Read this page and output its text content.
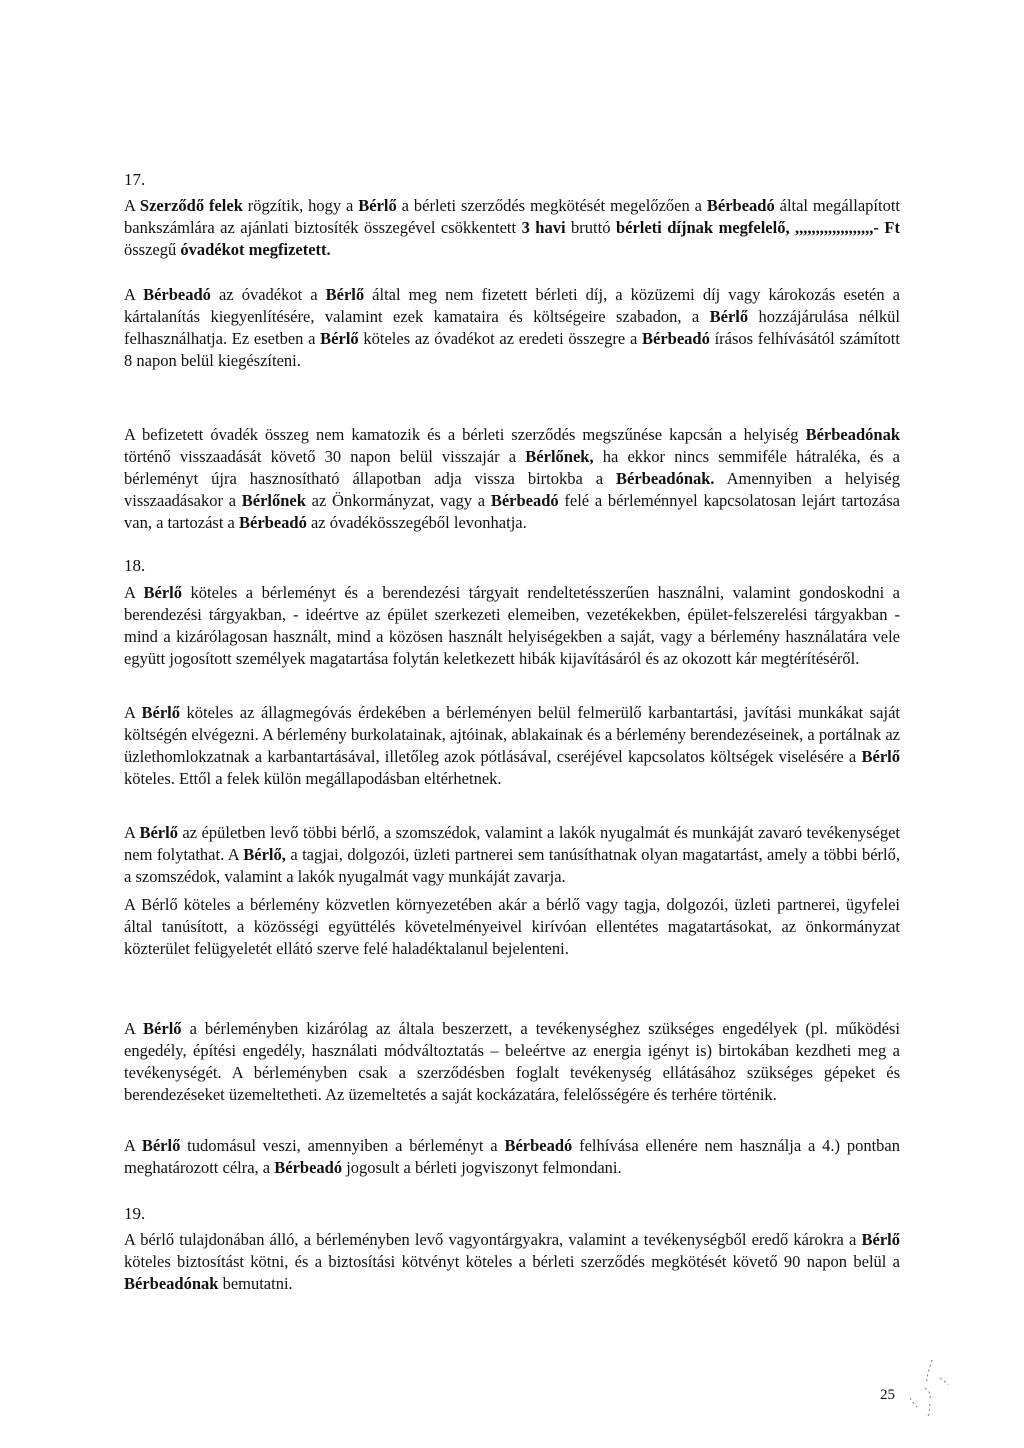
17.

A Szerződő felek rögzítik, hogy a Bérlő a bérleti szerződés megkötését megelőzően a Bérbeadó által megállapított bankszámlára az ajánlati biztosíték összegével csökkentett 3 havi bruttó bérleti díjnak megfelelő, ,,,,,,,,,,,,,,,,,,,- Ft összegű óvadékot megfizetett.

A Bérbeadó az óvadékot a Bérlő által meg nem fizetett bérleti díj, a közüzemi díj vagy károkozás esetén a kártalanítás kiegyenlítésére, valamint ezek kamataira és költségeire szabadon, a Bérlő hozzájárulása nélkül felhasználhatja. Ez esetben a Bérlő köteles az óvadékot az eredeti összegre a Bérbeadó írásos felhívásától számított 8 napon belül kiegészíteni.

A befizetett óvadék összeg nem kamatozik és a bérleti szerződés megszűnése kapcsán a helyiség Bérbeadónak történő visszaadását követő 30 napon belül visszajár a Bérlőnek, ha ekkor nincs semmiféle hátraléka, és a bérleményt újra hasznosítható állapotban adja vissza birtokba a Bérbeadónak. Amennyiben a helyiség visszaadásakor a Bérlőnek az Önkormányzat, vagy a Bérbeadó felé a bérleménnyel kapcsolatosan lejárt tartozása van, a tartozást a Bérbeadó az óvadékösszegéből levonhatja.

18.

A Bérlő köteles a bérleményt és a berendezési tárgyait rendeltetésszerűen használni, valamint gondoskodni a berendezési tárgyakban, - ideértve az épület szerkezeti elemeiben, vezetékekben, épület-felszerelési tárgyakban - mind a kizárólagosan használt, mind a közösen használt helyiségekben a saját, vagy a bérlemény használatára vele együtt jogosított személyek magatartása folytán keletkezett hibák kijavításáról és az okozott kár megtérítéséről.

A Bérlő köteles az állagmegóvás érdekében a bérleményen belül felmerülő karbantartási, javítási munkákat saját költségén elvégezni. A bérlemény burkolatainak, ajtóinak, ablakainak és a bérlemény berendezéseinek, a portálnak az üzlethomlokzatnak a karbantartásával, illetőleg azok pótlásával, cseréjével kapcsolatos költségek viselésére a Bérlő köteles. Ettől a felek külön megállapodásban eltérhetnek.

A Bérlő az épületben levő többi bérlő, a szomszédok, valamint a lakók nyugalmát és munkáját zavaró tevékenységet nem folytathat. A Bérlő, a tagjai, dolgozói, üzleti partnerei sem tanúsíthatnak olyan magatartást, amely a többi bérlő, a szomszédok, valamint a lakók nyugalmát vagy munkáját zavarja.

A Bérlő köteles a bérlemény közvetlen környezetében akár a bérlő vagy tagja, dolgozói, üzleti partnerei, ügyfelei által tanúsított, a közösségi együttélés követelményeivel kirívóan ellentétes magatartásokat, az önkormányzat közterület felügyeletét ellátó szerve felé haladéktalanul bejelenteni.

A Bérlő a bérleményben kizárólag az általa beszerzett, a tevékenységhez szükséges engedélyek (pl. működési engedély, építési engedély, használati módváltoztatás – beleértve az energia igényt is) birtokában kezdheti meg a tevékenységét. A bérleményben csak a szerződésben foglalt tevékenység ellátásához szükséges gépeket és berendezéseket üzemeltetheti. Az üzemeltetés a saját kockázatára, felelősségére és terhére történik.

A Bérlő tudomásul veszi, amennyiben a bérleményt a Bérbeadó felhívása ellenére nem használja a 4.) pontban meghatározott célra, a Bérbeadó jogosult a bérleti jogviszonyt felmondani.

19.

A bérlő tulajdonában álló, a bérleményben levő vagyontárgyakra, valamint a tevékenységből eredő károkra a Bérlő köteles biztosítást kötni, és a biztosítási kötvényt köteles a bérleti szerződés megkötését követő 90 napon belül a Bérbeadónak bemutatni.

25
